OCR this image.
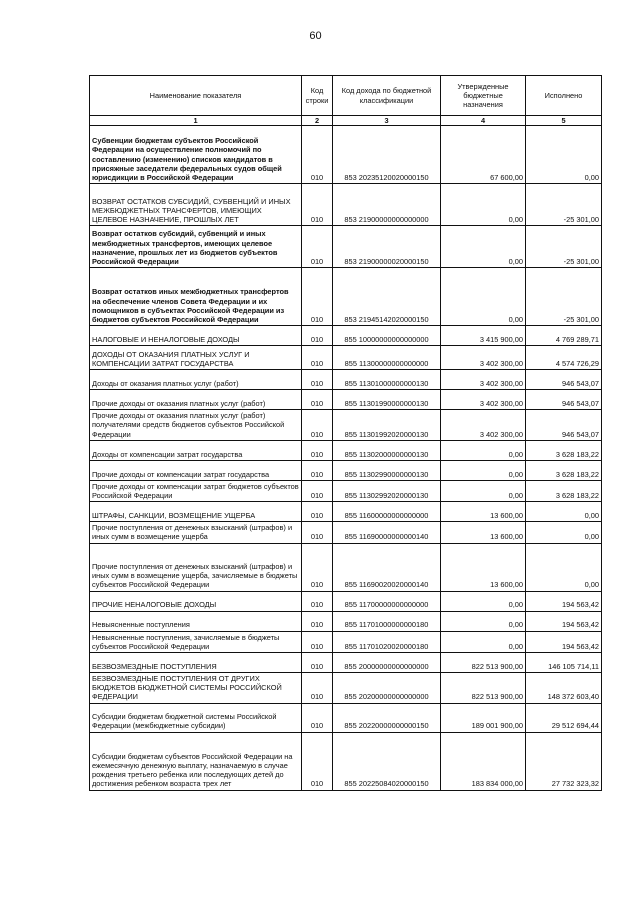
60
Наименование показателя	Код строки	Код дохода по бюджетной классификации	Утвержденные бюджетные назначения	Исполнено
1	2	3	4	5
Субвенции бюджетам субъектов Российской Федерации на осуществление полномочий по составлению (изменению) списков кандидатов в присяжные заседатели федеральных судов общей юрисдикции в Российской Федерации	010	853 20235120020000150	67 600,00	0,00
ВОЗВРАТ ОСТАТКОВ СУБСИДИЙ, СУБВЕНЦИЙ И ИНЫХ МЕЖБЮДЖЕТНЫХ ТРАНСФЕРТОВ, ИМЕЮЩИХ ЦЕЛЕВОЕ НАЗНАЧЕНИЕ, ПРОШЛЫХ ЛЕТ	010	853 21900000000000000	0,00	-25 301,00
Возврат остатков субсидий, субвенций и иных межбюджетных трансфертов, имеющих целевое назначение, прошлых лет из бюджетов субъектов Российской Федерации	010	853 21900000020000150	0,00	-25 301,00
Возврат остатков иных межбюджетных трансфертов на обеспечение членов Совета Федерации и их помощников в субъектах Российской Федерации из бюджетов субъектов Российской Федерации	010	853 21945142020000150	0,00	-25 301,00
НАЛОГОВЫЕ И НЕНАЛОГОВЫЕ ДОХОДЫ	010	855 10000000000000000	3 415 900,00	4 769 289,71
ДОХОДЫ ОТ ОКАЗАНИЯ ПЛАТНЫХ УСЛУГ И КОМПЕНСАЦИИ ЗАТРАТ ГОСУДАРСТВА	010	855 11300000000000000	3 402 300,00	4 574 726,29
Доходы от оказания платных услуг (работ)	010	855 11301000000000130	3 402 300,00	946 543,07
Прочие доходы от оказания платных услуг (работ)	010	855 11301990000000130	3 402 300,00	946 543,07
Прочие доходы от оказания платных услуг (работ) получателями средств бюджетов субъектов Российской Федерации	010	855 11301992020000130	3 402 300,00	946 543,07
Доходы от компенсации затрат государства	010	855 11302000000000130	0,00	3 628 183,22
Прочие доходы от компенсации затрат государства	010	855 11302990000000130	0,00	3 628 183,22
Прочие доходы от компенсации затрат бюджетов субъектов Российской Федерации	010	855 11302992020000130	0,00	3 628 183,22
ШТРАФЫ, САНКЦИИ, ВОЗМЕЩЕНИЕ УЩЕРБА	010	855 11600000000000000	13 600,00	0,00
Прочие поступления от денежных взысканий (штрафов) и иных сумм в возмещение ущерба	010	855 11690000000000140	13 600,00	0,00
Прочие поступления от денежных взысканий (штрафов) и иных сумм в возмещение ущерба, зачисляемые в бюджеты субъектов Российской Федерации	010	855 11690020020000140	13 600,00	0,00
ПРОЧИЕ НЕНАЛОГОВЫЕ ДОХОДЫ	010	855 11700000000000000	0,00	194 563,42
Невыясненные поступления	010	855 11701000000000180	0,00	194 563,42
Невыясненные поступления, зачисляемые в бюджеты субъектов Российской Федерации	010	855 11701020020000180	0,00	194 563,42
БЕЗВОЗМЕЗДНЫЕ ПОСТУПЛЕНИЯ	010	855 20000000000000000	822 513 900,00	146 105 714,11
БЕЗВОЗМЕЗДНЫЕ ПОСТУПЛЕНИЯ ОТ ДРУГИХ БЮДЖЕТОВ БЮДЖЕТНОЙ СИСТЕМЫ РОССИЙСКОЙ ФЕДЕРАЦИИ	010	855 20200000000000000	822 513 900,00	148 372 603,40
Субсидии бюджетам бюджетной системы Российской Федерации (межбюджетные субсидии)	010	855 20220000000000150	189 001 900,00	29 512 694,44
Субсидии бюджетам субъектов Российской Федерации на ежемесячную денежную выплату, назначаемую в случае рождения третьего ребенка или последующих детей до достижения ребенком возраста трех лет	010	855 20225084020000150	183 834 000,00	27 732 323,32
